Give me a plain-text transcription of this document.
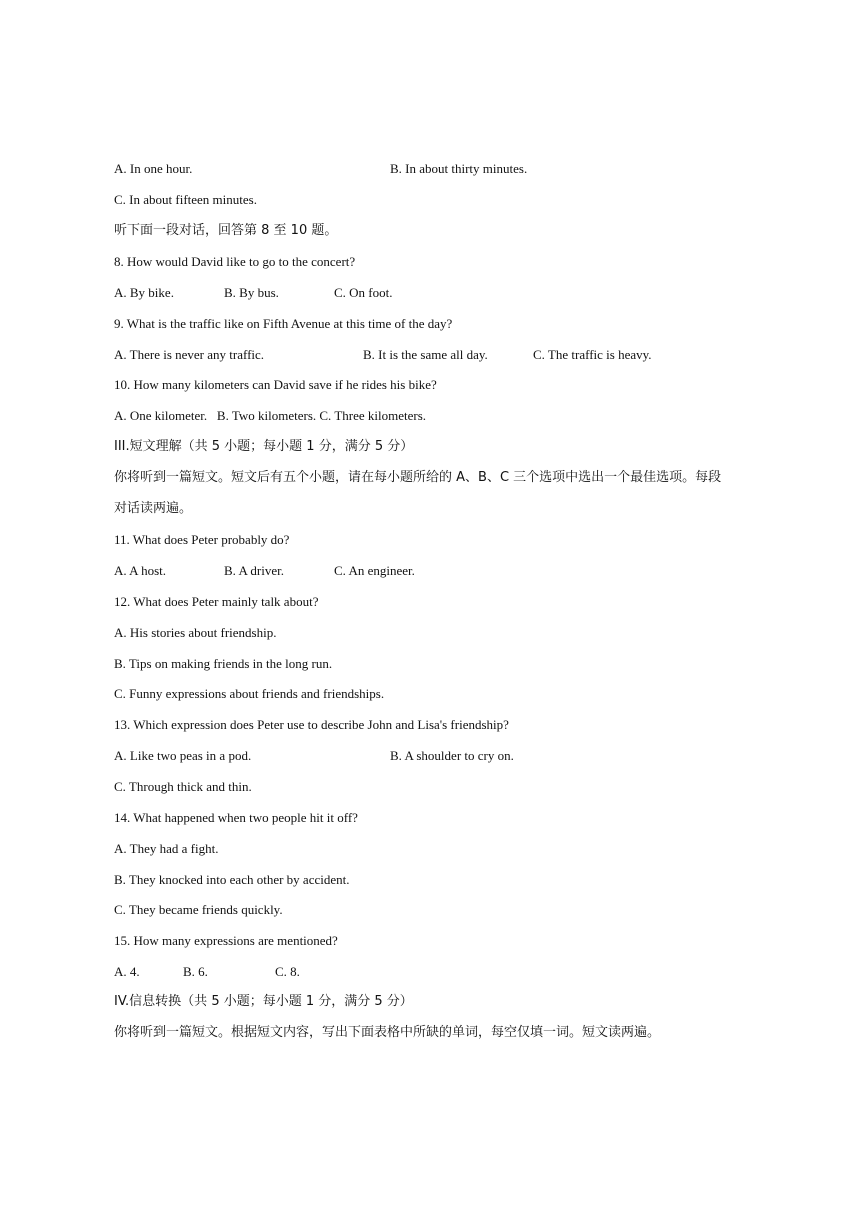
A. In one hour.	B. In about thirty minutes.
C. In about fifteen minutes.
听下面一段对话，回答第 8 至 10 题。
8. How would David like to go to the concert?
A. By bike.	B. By bus.	C. On foot.
9. What is the traffic like on Fifth Avenue at this time of the day?
A. There is never any traffic.	B. It is the same all day.	C. The traffic is heavy.
10. How many kilometers can David save if he rides his bike?
A. One kilometer.   B. Two kilometers. C. Three kilometers.
III.短文理解（共 5 小题；每小题 1 分，满分 5 分）
你将听到一篇短文。短文后有五个小题，请在每小题所给的 A、B、C 三个选项中选出一个最佳选项。每段
对话读两遍。
11. What does Peter probably do?
A. A host.	B. A driver.	C. An engineer.
12. What does Peter mainly talk about?
A. His stories about friendship.
B. Tips on making friends in the long run.
C. Funny expressions about friends and friendships.
13. Which expression does Peter use to describe John and Lisa's friendship?
A. Like two peas in a pod.	B. A shoulder to cry on.
C. Through thick and thin.
14. What happened when two people hit it off?
A. They had a fight.
B. They knocked into each other by accident.
C. They became friends quickly.
15. How many expressions are mentioned?
A. 4.	B. 6.	C. 8.
IV.信息转换（共 5 小题；每小题 1 分，满分 5 分）
你将听到一篇短文。根据短文内容，写出下面表格中所缺的单词，每空仅填一词。短文读两遍。
